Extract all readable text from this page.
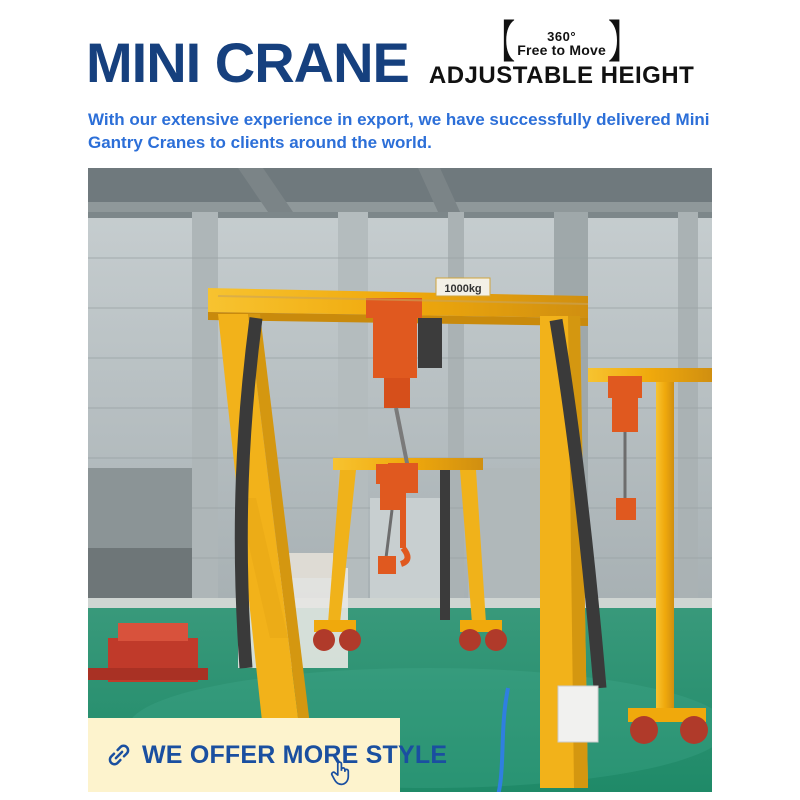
MINI CRANE	【 360°
Free to Move 】
ADJUSTABLE HEIGHT
With our extensive experience in export, we have successfully delivered Mini Gantry Cranes to clients around the world.
1000kg
WE OFFER MORE STYLE
